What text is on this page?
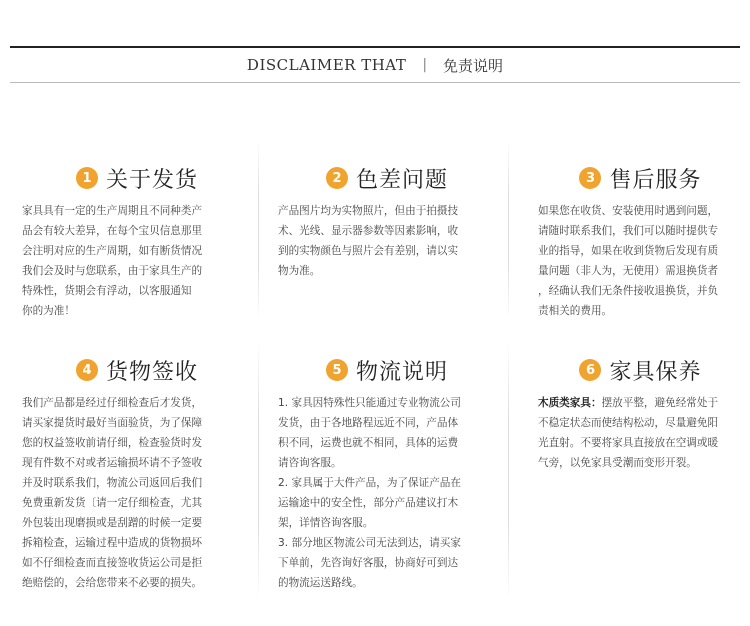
DISCLAIMER THAT | 免责说明
1 关于发货
家具具有一定的生产周期且不同种类产
品会有较大差异，在每个宝贝信息那里
会注明对应的生产周期，如有断货情况
我们会及时与您联系，由于家具生产的
特殊性，货期会有浮动，以客服通知
你的为准！
2 色差问题
产品图片均为实物照片，但由于拍摄技
术、光线、显示器参数等因素影响，收
到的实物颜色与照片会有差别，请以实
物为准。
3 售后服务
如果您在收货、安装使用时遇到问题，
请随时联系我们，我们可以随时提供专
业的指导，如果在收到货物后发现有质
量问题（非人为，无使用）需退换货者
，经确认我们无条件接收退换货，并负
责相关的费用。
4 货物签收
我们产品都是经过仔细检查后才发货，
请买家提货时最好当面验货，为了保障
您的权益签收前请仔细，检查验货时发
现有件数不对或者运输损坏请不予签收
并及时联系我们，物流公司返回后我们
免费重新发货〔请一定仔细检查，尤其
外包装出现磨损或是刮蹭的时候一定要
拆箱检查，运输过程中造成的货物损坏
如不仔细检查而直接签收货运公司是拒
绝赔偿的，会给您带来不必要的损失。
5 物流说明
1. 家具因特殊性只能通过专业物流公司
发货，由于各地路程远近不同，产品体
积不同，运费也就不相同，具体的运费
请咨询客服。
2. 家具属于大件产品，为了保证产品在
运输途中的安全性，部分产品建议打木
架，详情咨询客服。
3. 部分地区物流公司无法到达，请买家
下单前，先咨询好客服，协商好可到达
的物流运送路线。
6 家具保养
木质类家具：摆放平整，避免经常处于
不稳定状态而使结构松动，尽量避免阳
光直射。不要将家具直接放在空调或暖
气旁，以免家具受潮而变形开裂。
